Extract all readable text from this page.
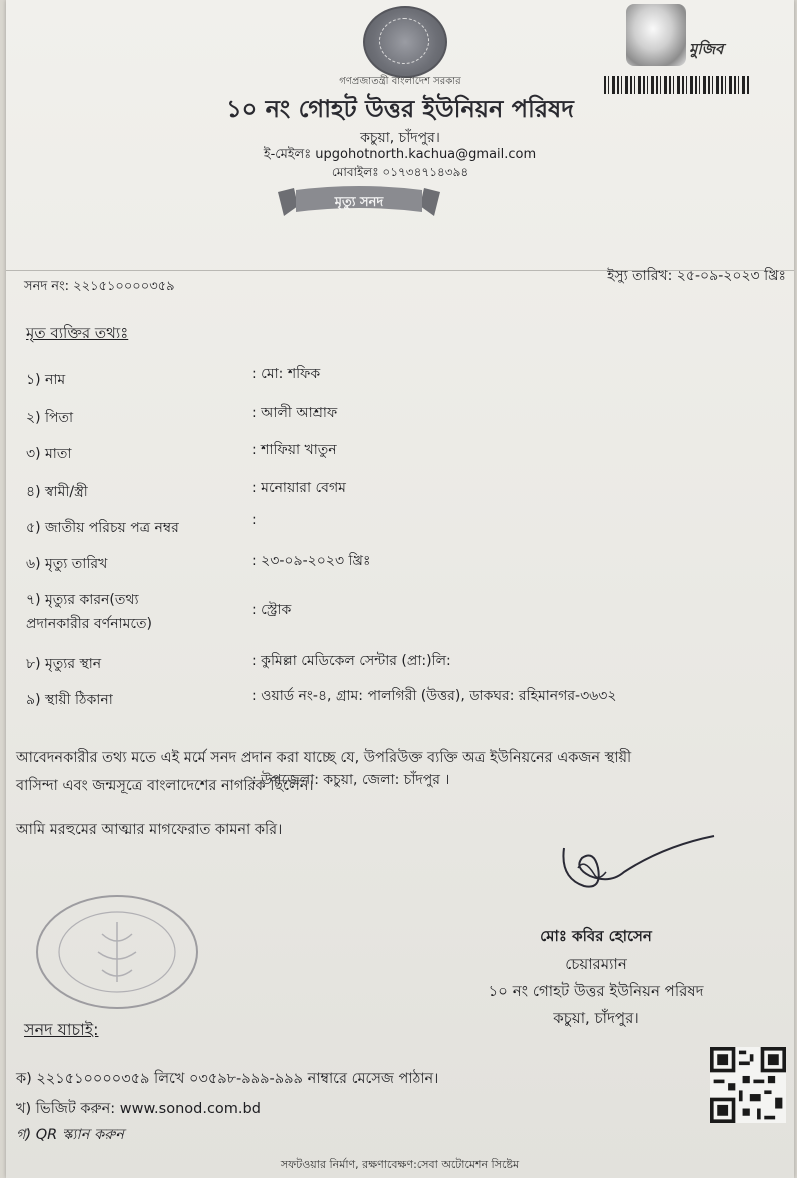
মুজিব
গণপ্রজাতন্ত্রী বাংলাদেশ সরকার
১০ নং গোহট উত্তর ইউনিয়ন পরিষদ
কচুয়া, চাঁদপুর।
ই-মেইলঃ upgohotnorth.kachua@gmail.com
মোবাইলঃ ০১৭৩৪৭১৪৩৯৪
মৃত্যু সনদ
সনদ নং: ২২১৫১০০০০৩৫৯
ইস্যু তারিখ: ২৫-০৯-২০২৩ খ্রিঃ
মৃত ব্যক্তির তথ্যঃ
১) নাম	: মো: শফিক
২) পিতা	: আলী আশ্রাফ
৩) মাতা	: শাফিয়া খাতুন
৪) স্বামী/স্ত্রী	: মনোয়ারা বেগম
৫) জাতীয় পরিচয় পত্র নম্বর	:
৬) মৃত্যু তারিখ	: ২৩-০৯-২০২৩ খ্রিঃ
৭) মৃত্যুর কারন(তথ্য
প্রদানকারীর বর্ণনামতে)
: স্ট্রোক
৮) মৃত্যুর স্থান	: কুমিল্লা মেডিকেল সেন্টার (প্রা:)লি:
৯) স্থায়ী ঠিকানা	: ওয়ার্ড নং-৪, গ্রাম: পালগিরী (উত্তর), ডাকঘর: রহিমানগর-৩৬৩২
: উপজেলা: কচুয়া, জেলা: চাঁদপুর ।
আবেদনকারীর তথ্য মতে এই মর্মে সনদ প্রদান করা যাচ্ছে যে, উপরিউক্ত ব্যক্তি অত্র ইউনিয়নের একজন স্থায়ী
বাসিন্দা এবং জন্মসূত্রে বাংলাদেশের নাগরিক ছিলেন।
আমি মরহুমের আত্মার মাগফেরাত কামনা করি।
মোঃ কবির হোসেন
চেয়ারম্যান
১০ নং গোহট উত্তর ইউনিয়ন পরিষদ
কচুয়া, চাঁদপুর।
সনদ যাচাই:
ক) ২২১৫১০০০০৩৫৯ লিখে ০৩৫৯৮-৯৯৯-৯৯৯ নাম্বারে মেসেজ পাঠান।
খ) ভিজিট করুন: www.sonod.com.bd
গ) QR স্ক্যান করুন
সফটওয়ার নির্মাণ, রক্ষণাবেক্ষণ:সেবা অটোমেশন সিষ্টেম
